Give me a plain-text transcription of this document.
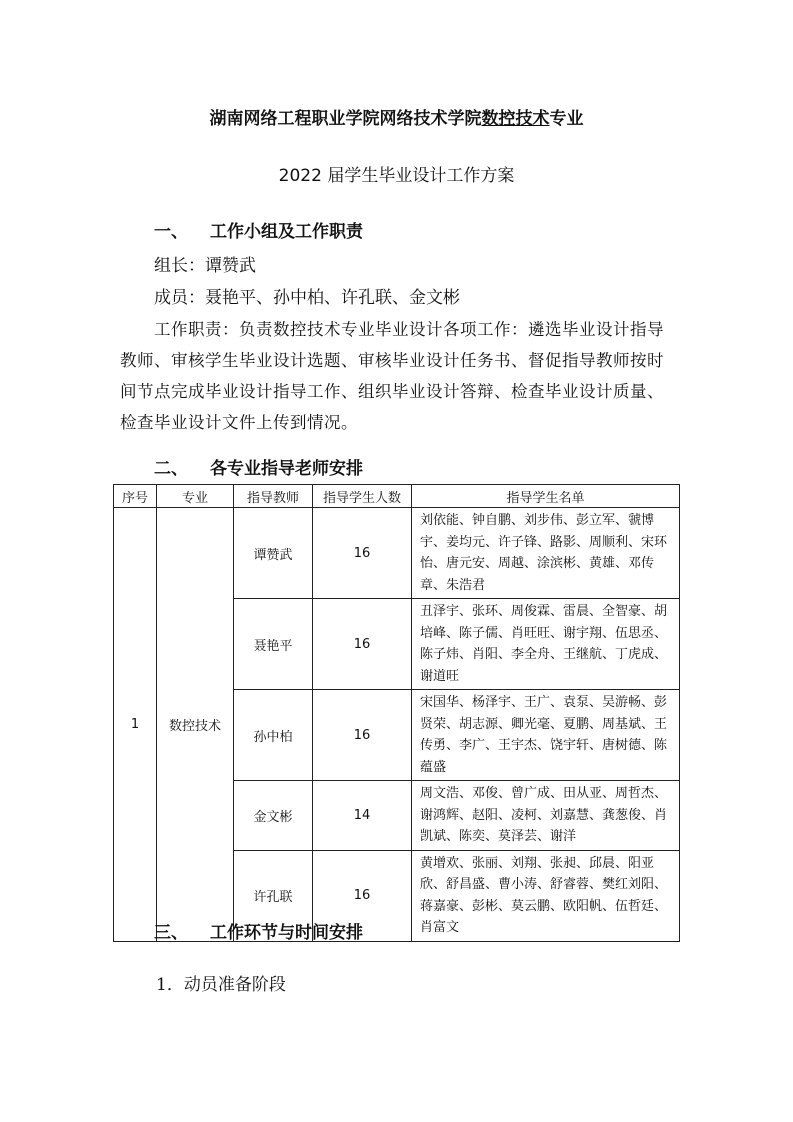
湖南网络工程职业学院网络技术学院数控技术专业
2022 届学生毕业设计工作方案
一、 工作小组及工作职责
组长：谭赞武
成员：聂艳平、孙中柏、许孔联、金文彬
工作职责：负责数控技术专业毕业设计各项工作：遴选毕业设计指导教师、审核学生毕业设计选题、审核毕业设计任务书、督促指导教师按时间节点完成毕业设计指导工作、组织毕业设计答辩、检查毕业设计质量、检查毕业设计文件上传到情况。
二、 各专业指导老师安排
序号	专业	指导教师	指导学生人数	指导学生名单
1	数控技术	谭赞武	16	刘依能、钟自鹏、刘步伟、彭立军、虢博宇、姜均元、许子锋、路影、周顺利、宋环怡、唐元安、周越、涂滨彬、黄雄、邓传章、朱浩君
		聂艳平	16	丑泽宇、张环、周俊霖、雷晨、全智豪、胡培峰、陈子儒、肖旺旺、谢宇翔、伍思丞、陈子炜、肖阳、李全舟、王继航、丁虎成、谢道旺
		孙中柏	16	宋国华、杨泽宇、王广、袁泵、吴游畅、彭贤荣、胡志源、卿光毫、夏鹏、周基斌、王传勇、李广、王宇杰、饶宇轩、唐树德、陈蕴盛
		金文彬	14	周文浩、邓俊、曾广成、田从亚、周哲杰、谢鸿辉、赵阳、凌柯、刘嘉慧、龚葱俊、肖凯斌、陈奕、莫泽芸、谢洋
		许孔联	16	黄增欢、张丽、刘翔、张昶、邱晨、阳亚欣、舒昌盛、曹小涛、舒睿蓉、樊红刘阳、蒋嘉豪、彭彬、莫云鹏、欧阳帆、伍哲廷、肖富文
三、 工作环节与时间安排
1．动员准备阶段
